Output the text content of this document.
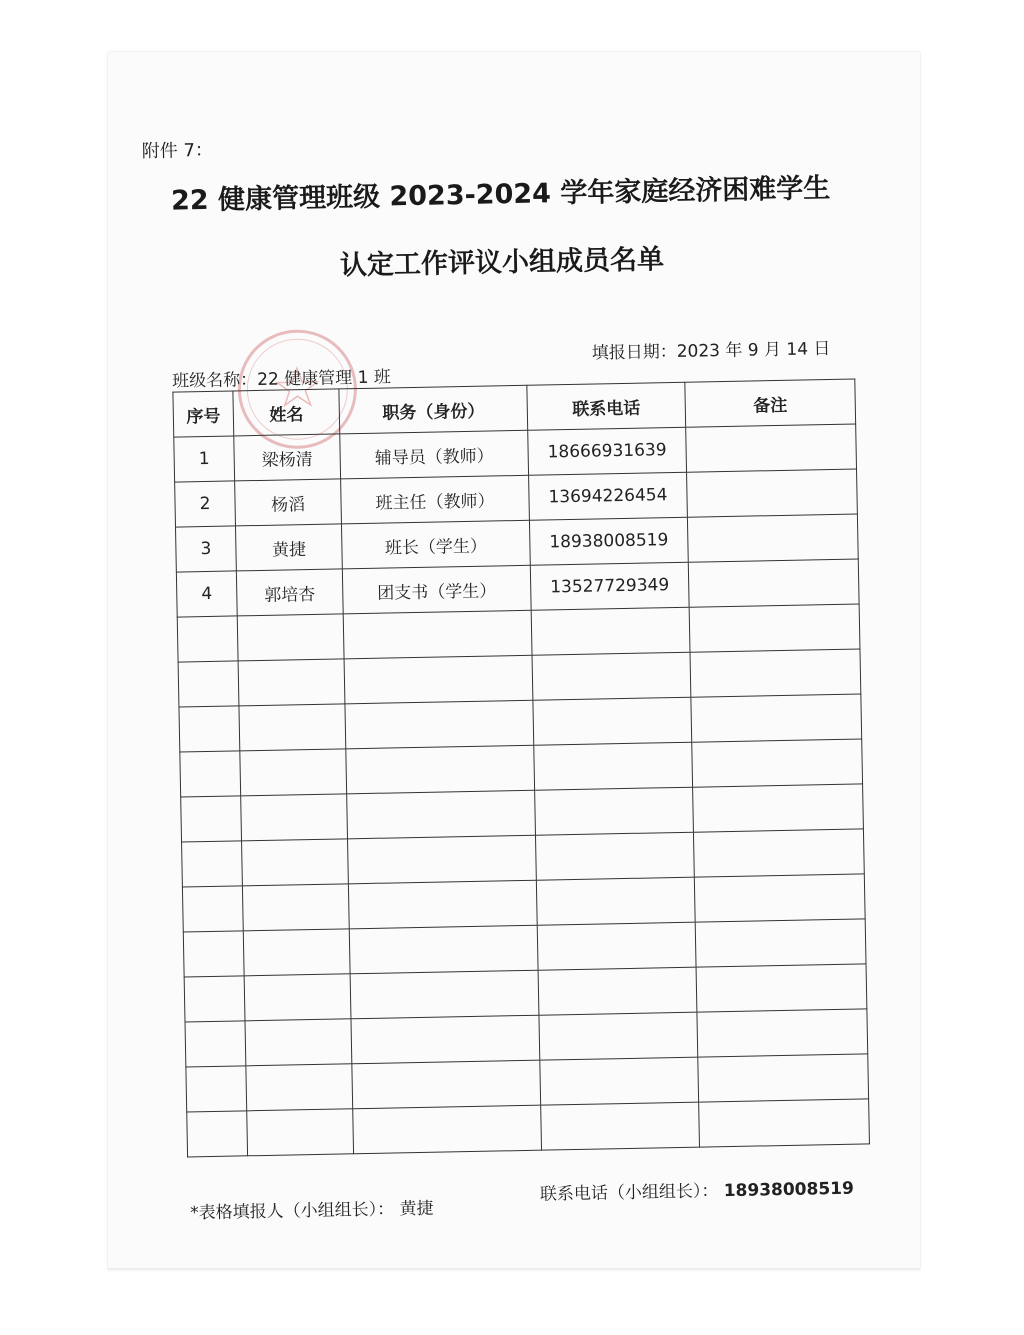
附件 7：
22 健康管理班级 2023-2024 学年家庭经济困难学生
认定工作评议小组成员名单
班级名称：22 健康管理 1 班
填报日期：2023 年 9 月 14 日
序号	姓名	职务（身份）	联系电话	备注
1	梁杨清	辅导员（教师）	18666931639	
2	杨滔	班主任（教师）	13694226454	
3	黄捷	班长（学生）	18938008519	
4	郭培杏	团支书（学生）	13527729349	

*表格填报人（小组组长）： 黄捷
联系电话（小组组长）： 18938008519
